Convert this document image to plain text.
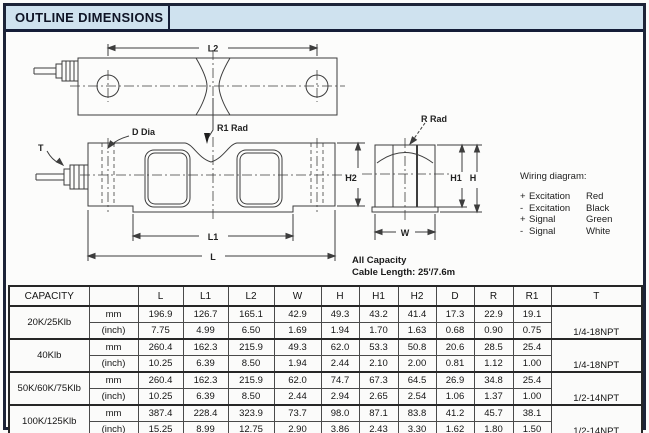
OUTLINE DIMENSIONS
L2
R1 Rad
D Dia
T
L1
L
H2	H1 H
W
R Rad
Wiring diagram:
+ Excitation	Red
- Excitation	Black
+ Signal	Green
- Signal	White
All Capacity
Cable Length: 25'/7.6m
CAPACITY		L	L1	L2	W	H	H1	H2	D	R	R1	T
20K/25Klb	mm	196.9	126.7	165.1	42.9	49.3	43.2	41.4	17.3	22.9	19.1	1/4-18NPT
	(inch)	7.75	4.99	6.50	1.69	1.94	1.70	1.63	0.68	0.90	0.75	
40Klb	mm	260.4	162.3	215.9	49.3	62.0	53.3	50.8	20.6	28.5	25.4	1/4-18NPT
	(inch)	10.25	6.39	8.50	1.94	2.44	2.10	2.00	0.81	1.12	1.00	
50K/60K/75Klb	mm	260.4	162.3	215.9	62.0	74.7	67.3	64.5	26.9	34.8	25.4	1/2-14NPT
	(inch)	10.25	6.39	8.50	2.44	2.94	2.65	2.54	1.06	1.37	1.00	
100K/125Klb	mm	387.4	228.4	323.9	73.7	98.0	87.1	83.8	41.2	45.7	38.1	1/2-14NPT
	(inch)	15.25	8.99	12.75	2.90	3.86	2.43	3.30	1.62	1.80	1.50	
